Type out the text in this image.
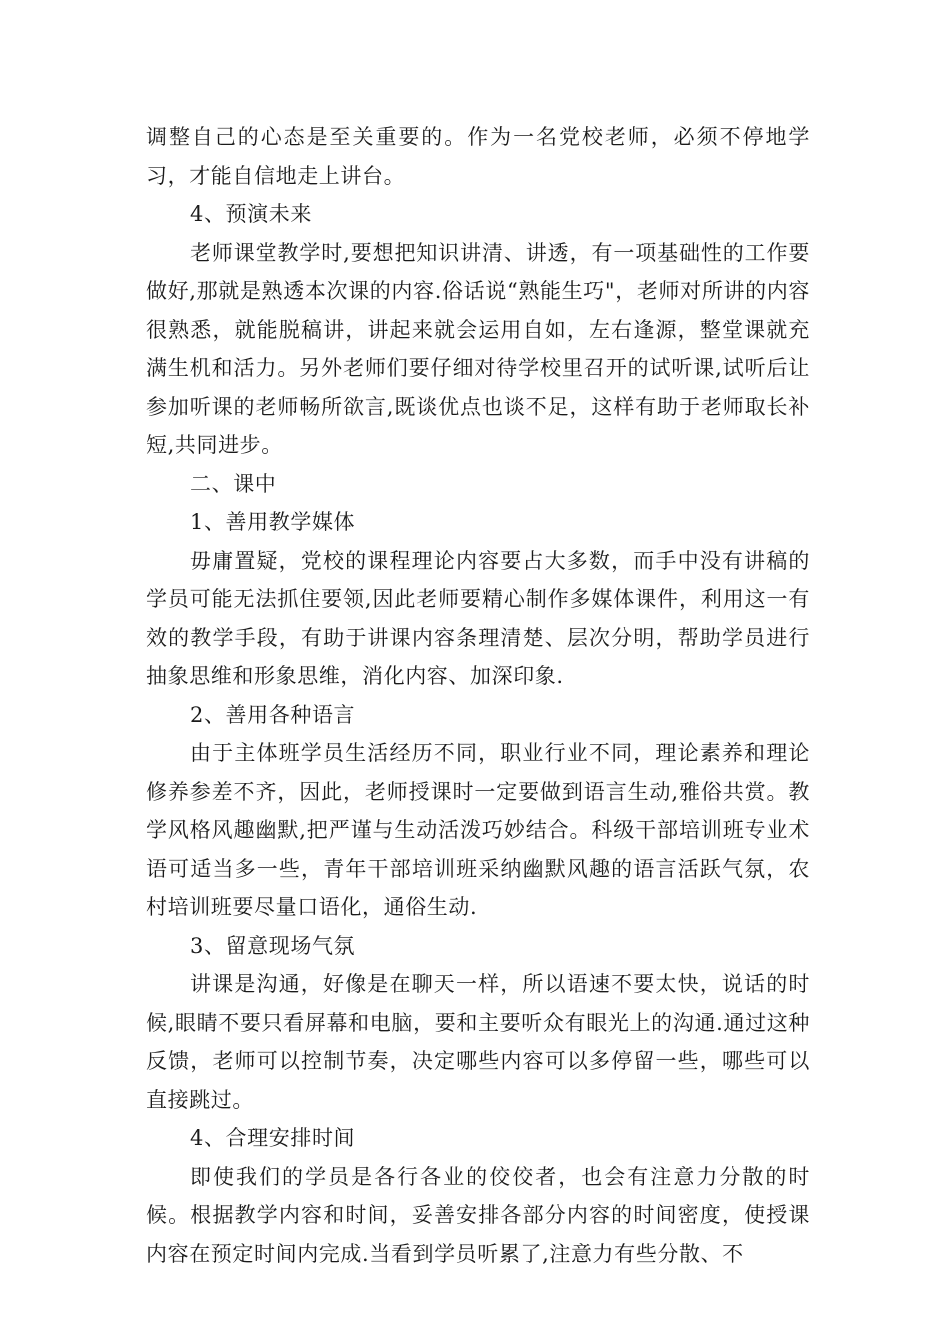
调整自己的心态是至关重要的。作为一名党校老师，必须不停地学习，才能自信地走上讲台。

4、预演未来

老师课堂教学时,要想把知识讲清、讲透，有一项基础性的工作要做好,那就是熟透本次课的内容.俗话说“熟能生巧"，老师对所讲的内容很熟悉，就能脱稿讲，讲起来就会运用自如，左右逢源，整堂课就充满生机和活力。另外老师们要仔细对待学校里召开的试听课,试听后让参加听课的老师畅所欲言,既谈优点也谈不足，这样有助于老师取长补短,共同进步。

二、课中

1、善用教学媒体

毋庸置疑，党校的课程理论内容要占大多数，而手中没有讲稿的学员可能无法抓住要领,因此老师要精心制作多媒体课件，利用这一有效的教学手段，有助于讲课内容条理清楚、层次分明，帮助学员进行抽象思维和形象思维，消化内容、加深印象.

2、善用各种语言

由于主体班学员生活经历不同，职业行业不同，理论素养和理论修养参差不齐，因此，老师授课时一定要做到语言生动,雅俗共赏。教学风格风趣幽默,把严谨与生动活泼巧妙结合。科级干部培训班专业术语可适当多一些，青年干部培训班采纳幽默风趣的语言活跃气氛，农村培训班要尽量口语化，通俗生动.

3、留意现场气氛

讲课是沟通，好像是在聊天一样，所以语速不要太快，说话的时候,眼睛不要只看屏幕和电脑，要和主要听众有眼光上的沟通.通过这种反馈，老师可以控制节奏，决定哪些内容可以多停留一些，哪些可以直接跳过。

4、合理安排时间

即使我们的学员是各行各业的佼佼者，也会有注意力分散的时候。根据教学内容和时间，妥善安排各部分内容的时间密度，使授课内容在预定时间内完成.当看到学员听累了,注意力有些分散、不
